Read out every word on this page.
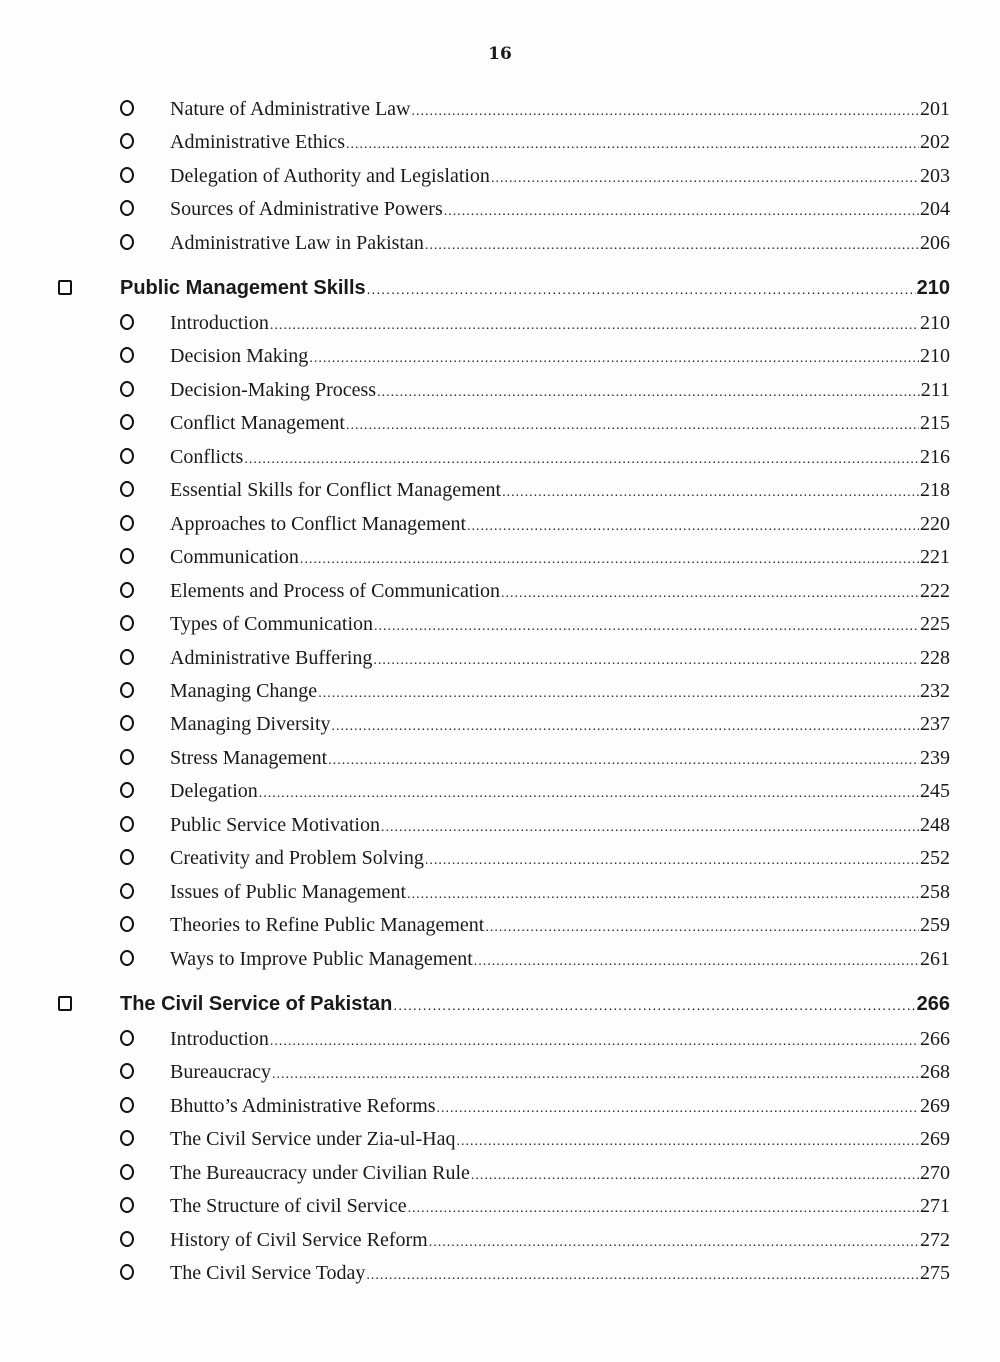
16
Nature of Administrative Law .....	201
Administrative Ethics .....	202
Delegation of Authority and Legislation .....	203
Sources of Administrative Powers .....	204
Administrative Law in Pakistan .....	206
Public Management Skills .....	210
Introduction .....	210
Decision Making .....	210
Decision-Making Process .....	211
Conflict Management .....	215
Conflicts .....	216
Essential Skills for Conflict Management .....	218
Approaches to Conflict Management .....	220
Communication .....	221
Elements and Process of Communication .....	222
Types of Communication .....	225
Administrative Buffering .....	228
Managing Change .....	232
Managing Diversity .....	237
Stress Management .....	239
Delegation .....	245
Public Service Motivation .....	248
Creativity and Problem Solving .....	252
Issues of Public Management .....	258
Theories to Refine Public Management .....	259
Ways to Improve Public Management .....	261
The Civil Service of Pakistan .....	266
Introduction .....	266
Bureaucracy .....	268
Bhutto’s Administrative Reforms .....	269
The Civil Service under Zia-ul-Haq .....	269
The Bureaucracy under Civilian Rule .....	270
The Structure of civil Service .....	271
History of Civil Service Reform .....	272
The Civil Service Today .....	275
